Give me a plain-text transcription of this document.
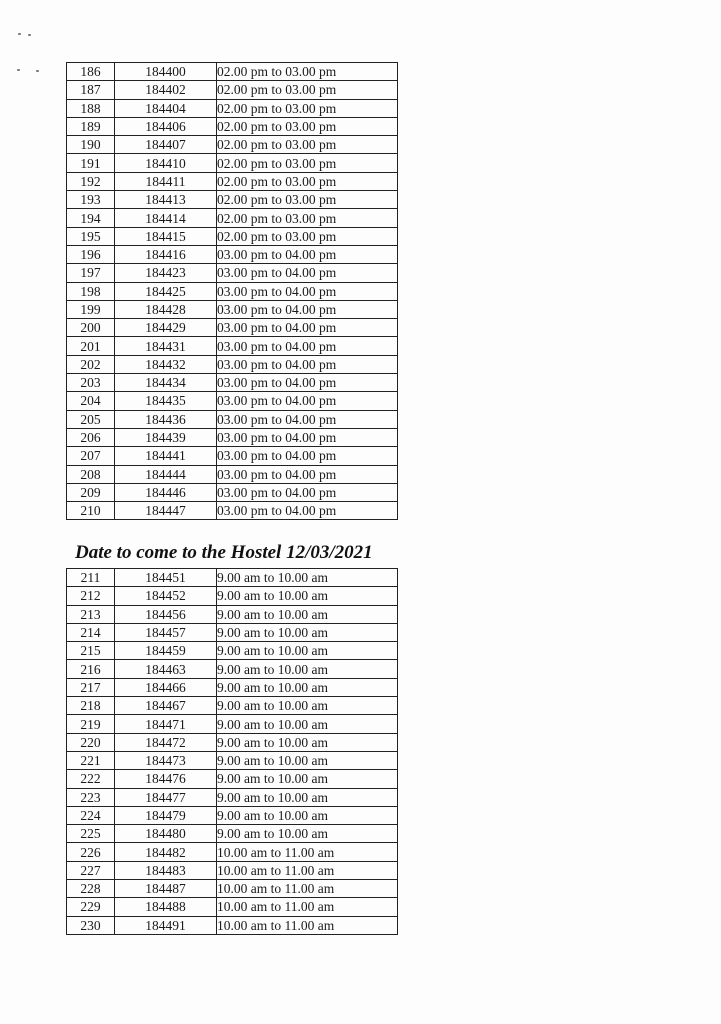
186	184400	02.00 pm to 03.00 pm
187	184402	02.00 pm to 03.00 pm
188	184404	02.00 pm to 03.00 pm
189	184406	02.00 pm to 03.00 pm
190	184407	02.00 pm to 03.00 pm
191	184410	02.00 pm to 03.00 pm
192	184411	02.00 pm to 03.00 pm
193	184413	02.00 pm to 03.00 pm
194	184414	02.00 pm to 03.00 pm
195	184415	02.00 pm to 03.00 pm
196	184416	03.00 pm to 04.00 pm
197	184423	03.00 pm to 04.00 pm
198	184425	03.00 pm to 04.00 pm
199	184428	03.00 pm to 04.00 pm
200	184429	03.00 pm to 04.00 pm
201	184431	03.00 pm to 04.00 pm
202	184432	03.00 pm to 04.00 pm
203	184434	03.00 pm to 04.00 pm
204	184435	03.00 pm to 04.00 pm
205	184436	03.00 pm to 04.00 pm
206	184439	03.00 pm to 04.00 pm
207	184441	03.00 pm to 04.00 pm
208	184444	03.00 pm to 04.00 pm
209	184446	03.00 pm to 04.00 pm
210	184447	03.00 pm to 04.00 pm
Date to come to the Hostel 12/03/2021
211	184451	9.00 am to 10.00 am
212	184452	9.00 am to 10.00 am
213	184456	9.00 am to 10.00 am
214	184457	9.00 am to 10.00 am
215	184459	9.00 am to 10.00 am
216	184463	9.00 am to 10.00 am
217	184466	9.00 am to 10.00 am
218	184467	9.00 am to 10.00 am
219	184471	9.00 am to 10.00 am
220	184472	9.00 am to 10.00 am
221	184473	9.00 am to 10.00 am
222	184476	9.00 am to 10.00 am
223	184477	9.00 am to 10.00 am
224	184479	9.00 am to 10.00 am
225	184480	9.00 am to 10.00 am
226	184482	10.00 am to 11.00 am
227	184483	10.00 am to 11.00 am
228	184487	10.00 am to 11.00 am
229	184488	10.00 am to 11.00 am
230	184491	10.00 am to 11.00 am
